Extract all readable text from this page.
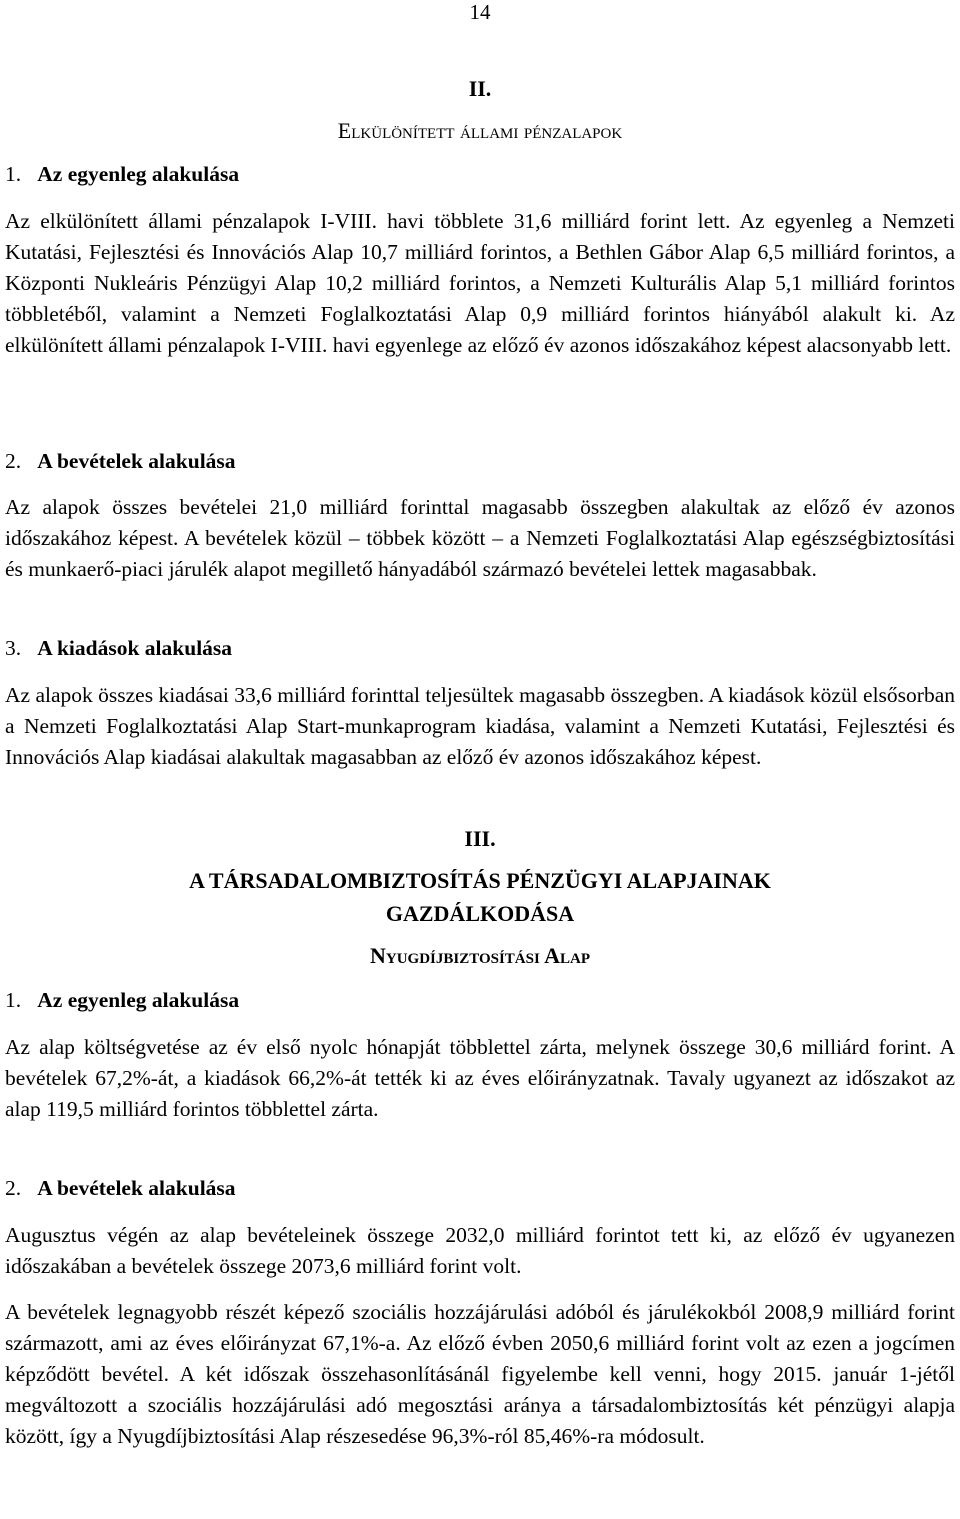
14
II.
Elkülönített állami pénzalapok
1. Az egyenleg alakulása

Az elkülönített állami pénzalapok I-VIII. havi többlete 31,6 milliárd forint lett. Az egyenleg a Nemzeti Kutatási, Fejlesztési és Innovációs Alap 10,7 milliárd forintos, a Bethlen Gábor Alap 6,5 milliárd forintos, a Központi Nukleáris Pénzügyi Alap 10,2 milliárd forintos, a Nemzeti Kulturális Alap 5,1 milliárd forintos többletéből, valamint a Nemzeti Foglalkoztatási Alap 0,9 milliárd forintos hiányából alakult ki. Az elkülönített állami pénzalapok I-VIII. havi egyenlege az előző év azonos időszakához képest alacsonyabb lett.

2. A bevételek alakulása

Az alapok összes bevételei 21,0 milliárd forinttal magasabb összegben alakultak az előző év azonos időszakához képest. A bevételek közül – többek között – a Nemzeti Foglalkoztatási Alap egészségbiztosítási és munkaerő-piaci járulék alapot megillető hányadából származó bevételei lettek magasabbak.

3. A kiadások alakulása

Az alapok összes kiadásai 33,6 milliárd forinttal teljesültek magasabb összegben. A kiadások közül elsősorban a Nemzeti Foglalkoztatási Alap Start-munkaprogram kiadása, valamint a Nemzeti Kutatási, Fejlesztési és Innovációs Alap kiadásai alakultak magasabban az előző év azonos időszakához képest.

III.
A TÁRSADALOMBIZTOSÍTÁS PÉNZÜGYI ALAPJAINAK
GAZDÁLKODÁSA
Nyugdíjbiztosítási Alap
1. Az egyenleg alakulása

Az alap költségvetése az év első nyolc hónapját többlettel zárta, melynek összege 30,6 milliárd forint. A bevételek 67,2%-át, a kiadások 66,2%-át tették ki az éves előirányzatnak. Tavaly ugyanezt az időszakot az alap 119,5 milliárd forintos többlettel zárta.

2. A bevételek alakulása

Augusztus végén az alap bevételeinek összege 2032,0 milliárd forintot tett ki, az előző év ugyanezen időszakában a bevételek összege 2073,6 milliárd forint volt.

A bevételek legnagyobb részét képező szociális hozzájárulási adóból és járulékokból 2008,9 milliárd forint származott, ami az éves előirányzat 67,1%-a. Az előző évben 2050,6 milliárd forint volt az ezen a jogcímen képződött bevétel. A két időszak összehasonlításánál figyelembe kell venni, hogy 2015. január 1-jétől megváltozott a szociális hozzájárulási adó megosztási aránya a társadalombiztosítás két pénzügyi alapja között, így a Nyugdíjbiztosítási Alap részesedése 96,3%-ról 85,46%-ra módosult.
